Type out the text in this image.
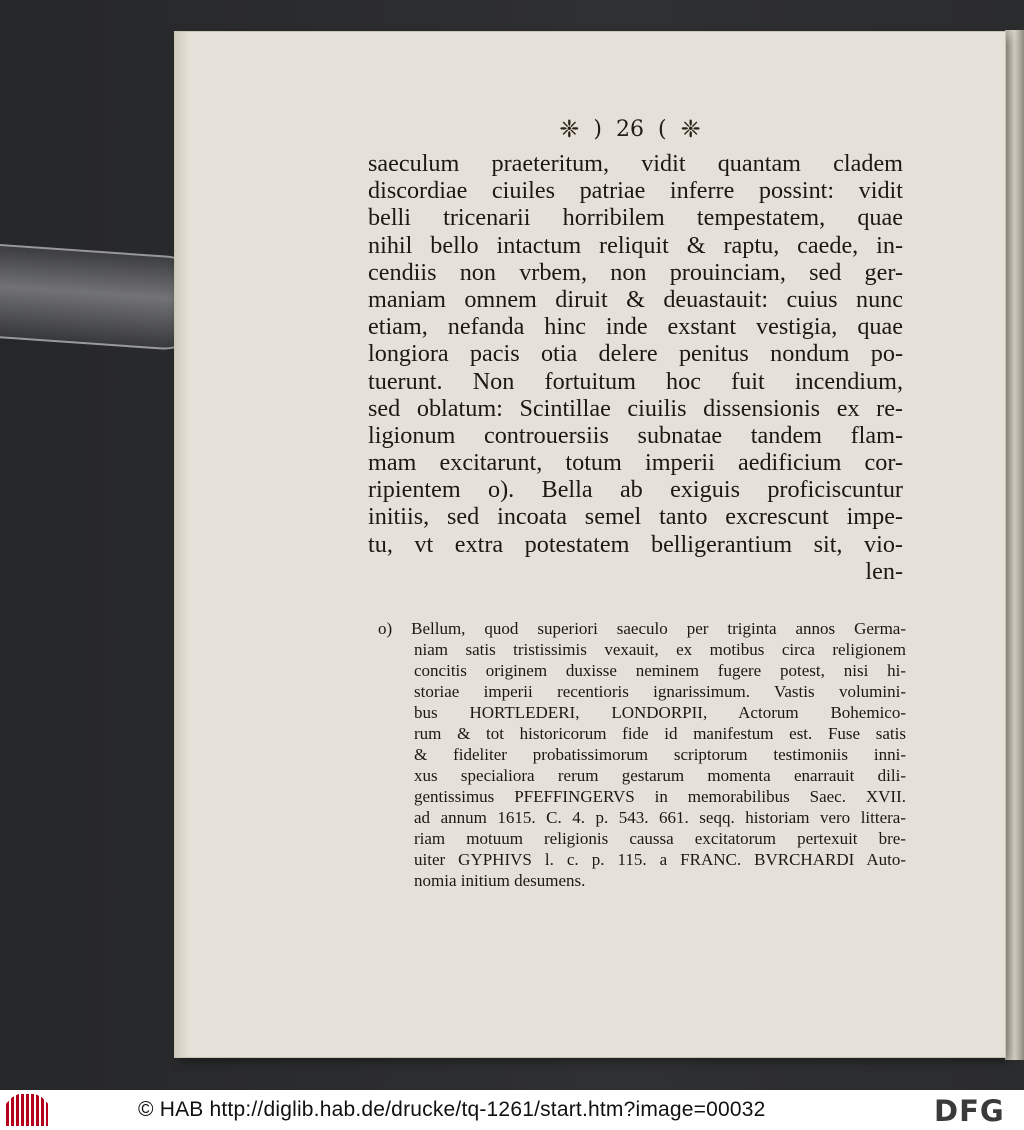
❈ ) 26 ( ❈
saeculum praeteritum, vidit quantam cladem
discordiae ciuiles patriae inferre possint: vidit
belli tricenarii horribilem tempestatem, quae
nihil bello intactum reliquit & raptu, caede, in-
cendiis non vrbem, non prouinciam, sed ger-
maniam omnem diruit & deuastauit: cuius nunc
etiam, nefanda hinc inde exstant vestigia, quae
longiora pacis otia delere penitus nondum po-
tuerunt. Non fortuitum hoc fuit incendium,
sed oblatum: Scintillae ciuilis dissensionis ex re-
ligionum controuersiis subnatae tandem flam-
mam excitarunt, totum imperii aedificium cor-
ripientem o). Bella ab exiguis proficiscuntur
initiis, sed incoata semel tanto excrescunt impe-
tu, vt extra potestatem belligerantium sit, vio-
len-
o) Bellum, quod superiori saeculo per triginta annos Germa-
niam satis tristissimis vexauit, ex motibus circa religionem
concitis originem duxisse neminem fugere potest, nisi hi-
storiae imperii recentioris ignarissimum. Vastis volumini-
bus HORTLEDERI, LONDORPII, Actorum Bohemico-
rum & tot historicorum fide id manifestum est. Fuse satis
& fideliter probatissimorum scriptorum testimoniis inni-
xus specialiora rerum gestarum momenta enarrauit dili-
gentissimus PFEFFINGERVS in memorabilibus Saec. XVII.
ad annum 1615. C. 4. p. 543. 661. seqq. historiam vero littera-
riam motuum religionis caussa excitatorum pertexuit bre-
uiter GYPHIVS l. c. p. 115. a FRANC. BVRCHARDI Auto-
nomia initium desumens.
© HAB http://diglib.hab.de/drucke/tq-1261/start.htm?image=00032	DFG
